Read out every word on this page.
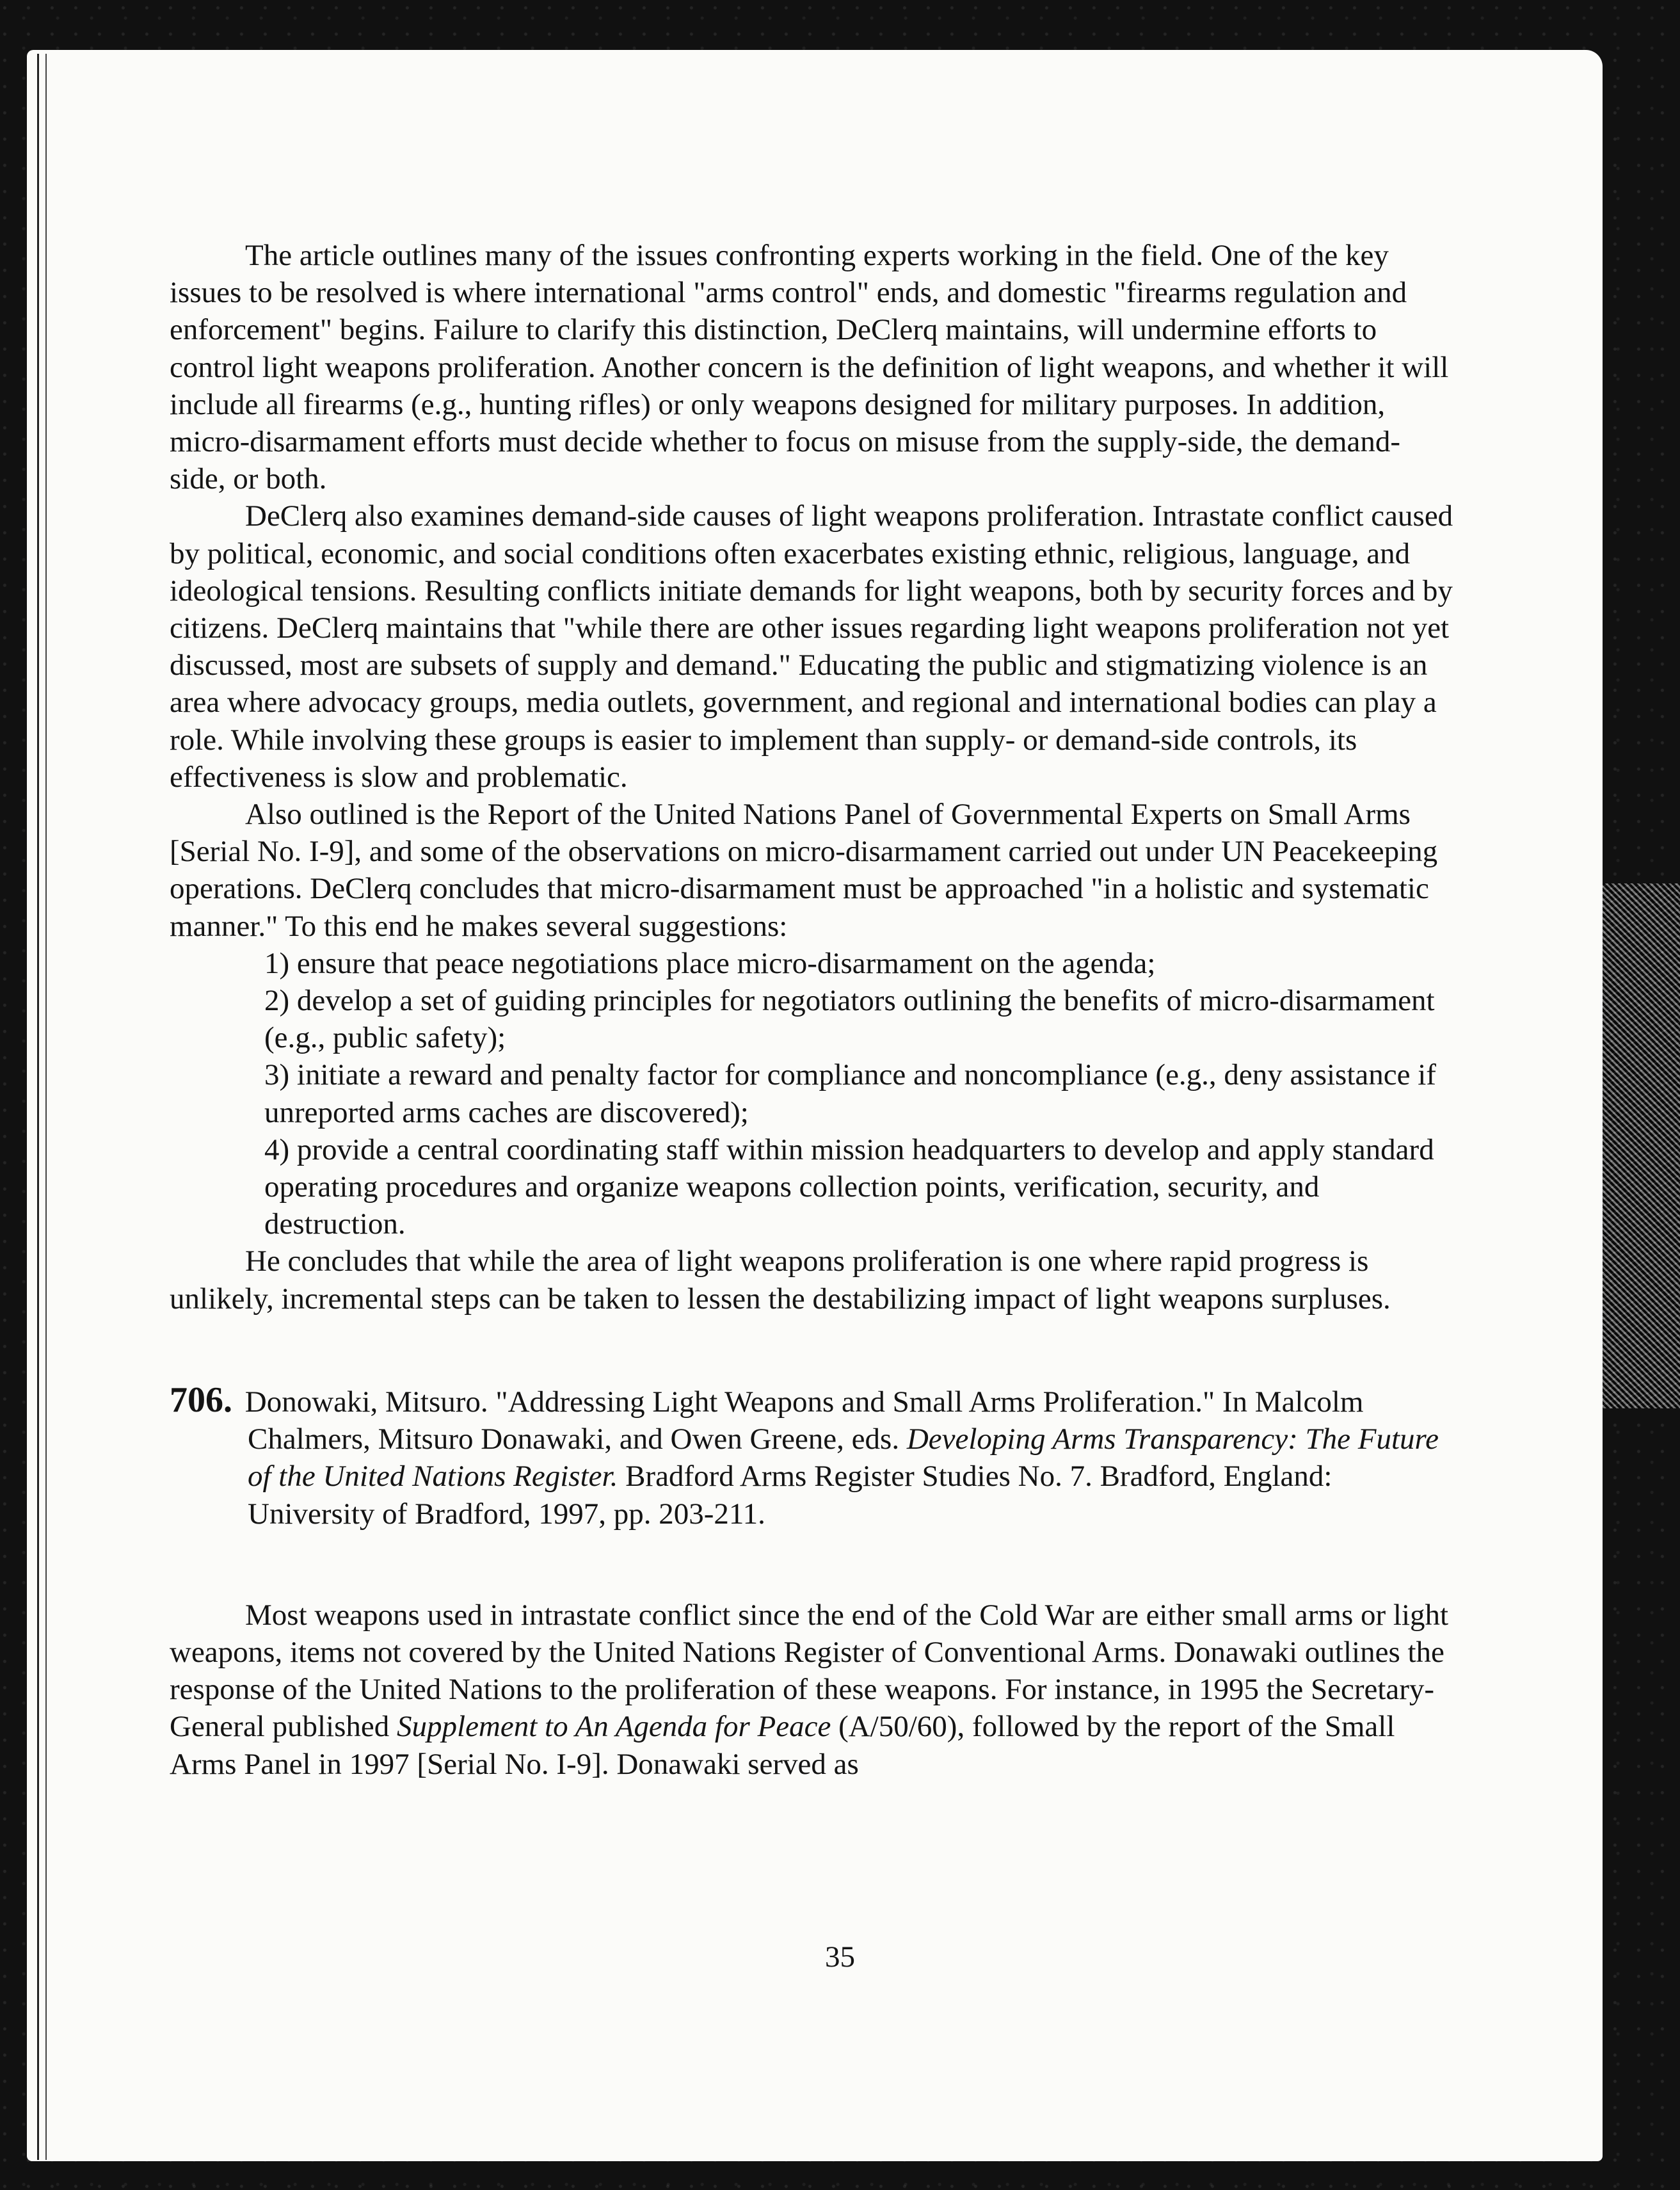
The article outlines many of the issues confronting experts working in the field. One of the key issues to be resolved is where international "arms control" ends, and domestic "firearms regulation and enforcement" begins. Failure to clarify this distinction, DeClerq maintains, will undermine efforts to control light weapons proliferation. Another concern is the definition of light weapons, and whether it will include all firearms (e.g., hunting rifles) or only weapons designed for military purposes. In addition, micro-disarmament efforts must decide whether to focus on misuse from the supply-side, the demand-side, or both.

DeClerq also examines demand-side causes of light weapons proliferation. Intrastate conflict caused by political, economic, and social conditions often exacerbates existing ethnic, religious, language, and ideological tensions. Resulting conflicts initiate demands for light weapons, both by security forces and by citizens. DeClerq maintains that "while there are other issues regarding light weapons proliferation not yet discussed, most are subsets of supply and demand." Educating the public and stigmatizing violence is an area where advocacy groups, media outlets, government, and regional and international bodies can play a role. While involving these groups is easier to implement than supply- or demand-side controls, its effectiveness is slow and problematic.

Also outlined is the Report of the United Nations Panel of Governmental Experts on Small Arms [Serial No. I-9], and some of the observations on micro-disarmament carried out under UN Peacekeeping operations. DeClerq concludes that micro-disarmament must be approached "in a holistic and systematic manner." To this end he makes several suggestions:

1) ensure that peace negotiations place micro-disarmament on the agenda;

2) develop a set of guiding principles for negotiators outlining the benefits of micro-disarmament (e.g., public safety);

3) initiate a reward and penalty factor for compliance and noncompliance (e.g., deny assistance if unreported arms caches are discovered);

4) provide a central coordinating staff within mission headquarters to develop and apply standard operating procedures and organize weapons collection points, verification, security, and destruction.

He concludes that while the area of light weapons proliferation is one where rapid progress is unlikely, incremental steps can be taken to lessen the destabilizing impact of light weapons surpluses.

706. Donowaki, Mitsuro. "Addressing Light Weapons and Small Arms Proliferation." In Malcolm Chalmers, Mitsuro Donawaki, and Owen Greene, eds. Developing Arms Transparency: The Future of the United Nations Register. Bradford Arms Register Studies No. 7. Bradford, England: University of Bradford, 1997, pp. 203-211.

Most weapons used in intrastate conflict since the end of the Cold War are either small arms or light weapons, items not covered by the United Nations Register of Conventional Arms. Donawaki outlines the response of the United Nations to the proliferation of these weapons. For instance, in 1995 the Secretary-General published Supplement to An Agenda for Peace (A/50/60), followed by the report of the Small Arms Panel in 1997 [Serial No. I-9]. Donawaki served as

35
